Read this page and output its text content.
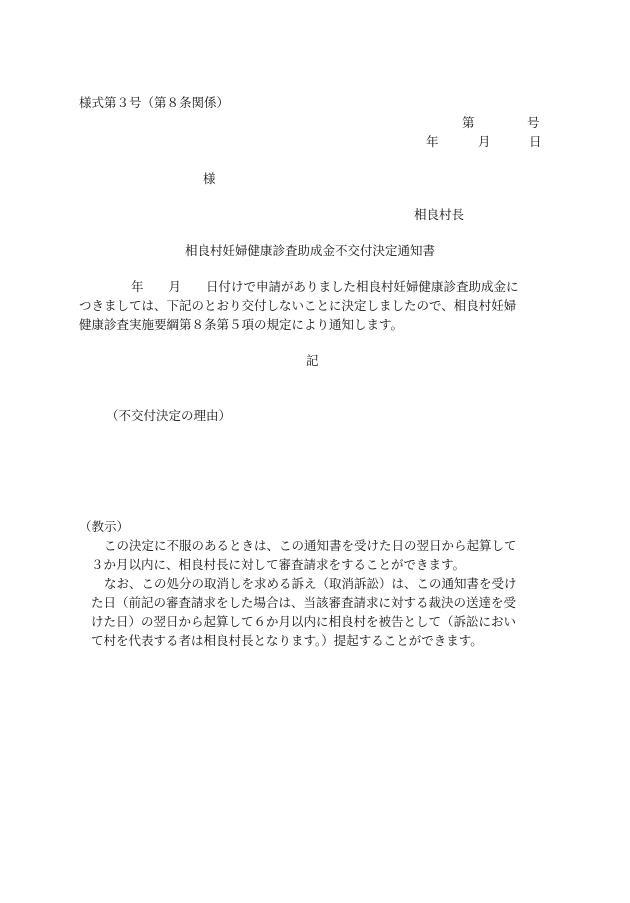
様式第３号（第８条関係）
第	号
年	月	日
様
相良村長
相良村妊婦健康診査助成金不交付決定通知書
年　　月　　日付けで申請がありました相良村妊婦健康診査助成金に
つきましては、下記のとおり交付しないことに決定しましたので、相良村妊婦
健康診査実施要綱第８条第５項の規定により通知します。
記
（不交付決定の理由）
（教示）
この決定に不服のあるときは、この通知書を受けた日の翌日から起算して
３か月以内に、相良村長に対して審査請求をすることができます。
なお、この処分の取消しを求める訴え（取消訴訟）は、この通知書を受け
た日（前記の審査請求をした場合は、当該審査請求に対する裁決の送達を受
けた日）の翌日から起算して６か月以内に相良村を被告として（訴訟におい
て村を代表する者は相良村長となります。）提起することができます。
